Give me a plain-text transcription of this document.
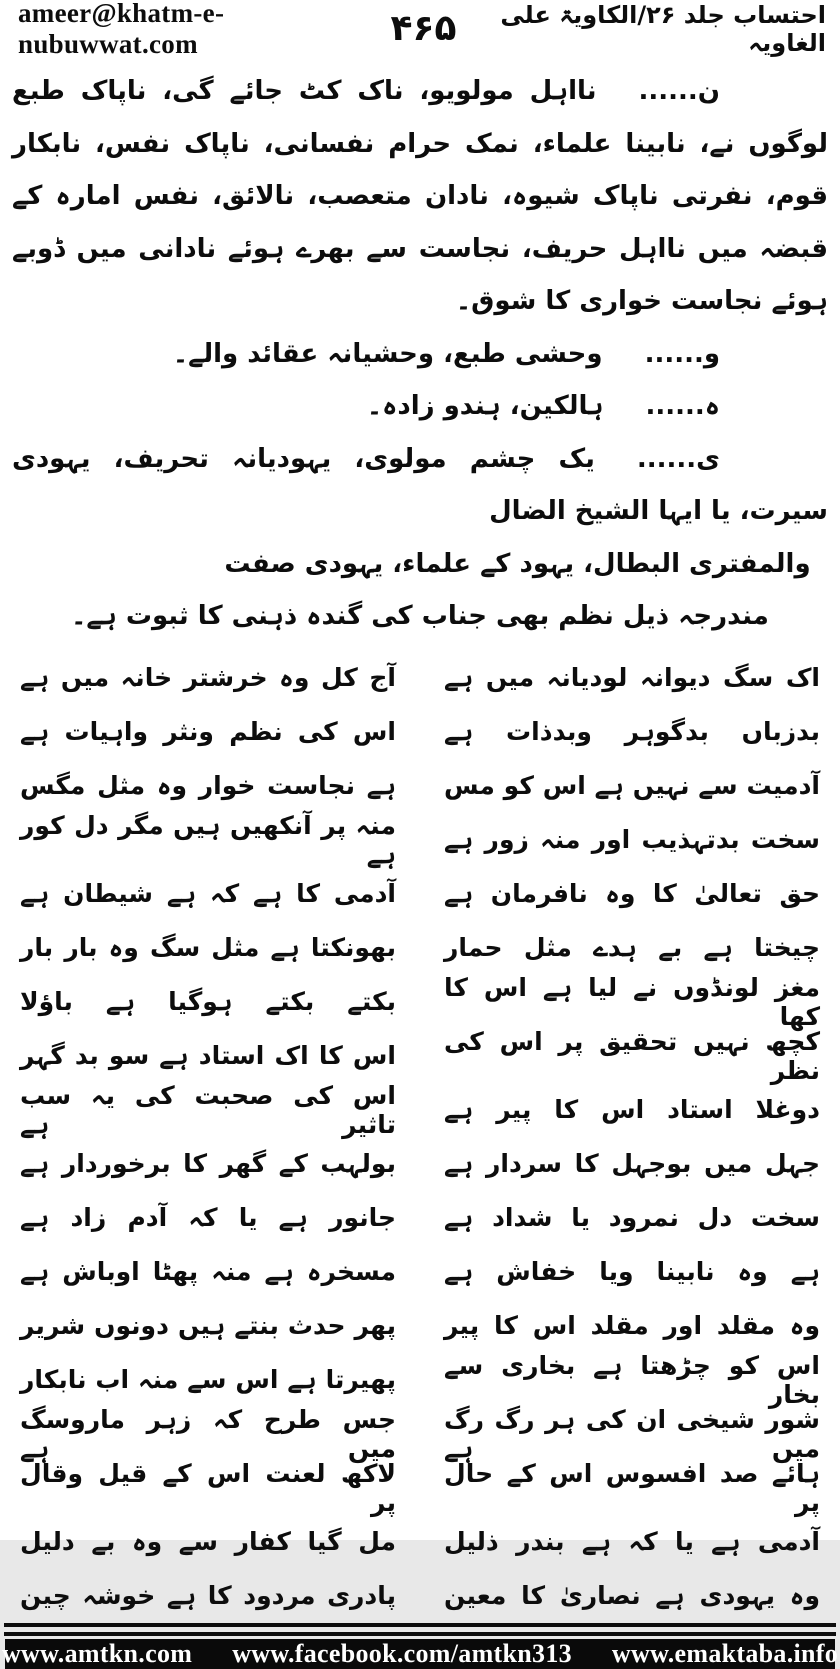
ameer@khatm-e-nubuwwat.com	۴۶۵	احتساب جلد ۲۶/الکاویۃ علی الغاویہ

ن......نااہل مولویو، ناک کٹ جائے گی، ناپاک طبع لوگوں نے، نابینا علماء، نمک حرام نفسانی، ناپاک نفس، نابکار قوم، نفرتی ناپاک شیوہ، نادان متعصب، نالائق، نفس امارہ کے قبضہ میں نااہل حریف، نجاست سے بھرے ہوئے نادانی میں ڈوبے ہوئے نجاست خواری کا شوق۔

و......وحشی طبع، وحشیانہ عقائد والے۔

ہ......ہالکین، ہندو زادہ۔

ی......یک چشم مولوی، یہودیانہ تحریف، یہودی سیرت، یا ایہا الشیخ الضال

والمفتری البطال، یہود کے علماء، یہودی صفت

مندرجہ ذیل نظم بھی جناب کی گندہ ذہنی کا ثبوت ہے۔

اک سگ دیوانہ لودیانہ میں ہے
آج کل وہ خرشتر خانہ میں ہے
بدزباں بدگوہر وبدذات ہے
اس کی نظم ونثر واہیات ہے
آدمیت سے نہیں ہے اس کو مس
ہے نجاست خوار وہ مثل مگس
سخت بدتہذیب اور منہ زور ہے
منہ پر آنکھیں ہیں مگر دل کور ہے
حق تعالیٰ کا وہ نافرمان ہے
آدمی کا ہے کہ ہے شیطان ہے
چیختا ہے بے ہدے مثل حمار
بھونکتا ہے مثل سگ وہ بار بار
مغز لونڈوں نے لیا ہے اس کا کھا
بکتے بکتے ہوگیا ہے باؤلا
کچھ نہیں تحقیق پر اس کی نظر
اس کا اک استاد ہے سو بد گہر
دوغلا استاد اس کا پیر ہے
اس کی صحبت کی یہ سب تاثیر ہے
جہل میں بوجہل کا سردار ہے
بولہب کے گھر کا برخوردار ہے
سخت دل نمرود یا شداد ہے
جانور ہے یا کہ آدم زاد ہے
ہے وہ نابینا ویا خفاش ہے
مسخرہ ہے منہ پھٹا اوباش ہے
وہ مقلد اور مقلد اس کا پیر
پھر حدث بنتے ہیں دونوں شریر
اس کو چڑھتا ہے بخاری سے بخار
پھیرتا ہے اس سے منہ اب نابکار
شور شیخی ان کی ہر رگ رگ میں ہے
جس طرح کہ زہر ماروسگ میں ہے
ہائے صد افسوس اس کے حال پر
لاکھ لعنت اس کے قیل وقال پر
آدمی ہے یا کہ ہے بندر ذلیل
مل گیا کفار سے وہ بے دلیل
وہ یہودی ہے نصاریٰ کا معین
پادری مردود کا ہے خوشہ چین
www.amtkn.com www.facebook.com/amtkn313 www.emaktaba.info
